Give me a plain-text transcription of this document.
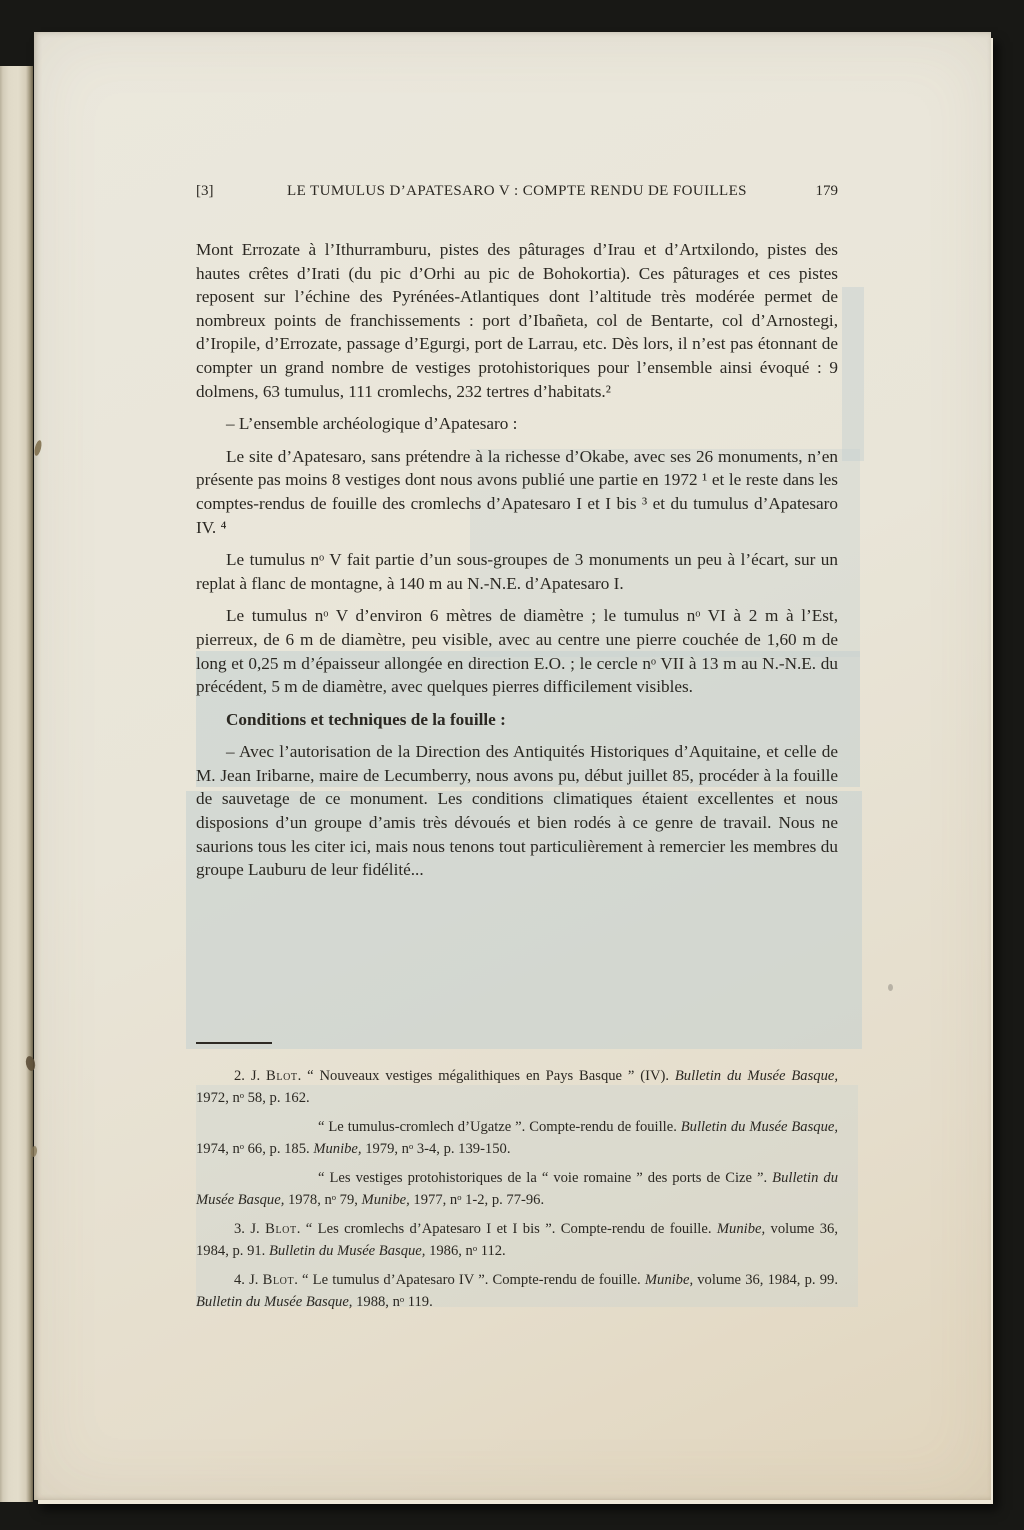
[3]	LE TUMULUS D’APATESARO V : COMPTE RENDU DE FOUILLES	179

Mont Errozate à l’Ithurramburu, pistes des pâturages d’Irau et d’Artxilondo, pistes des hautes crêtes d’Irati (du pic d’Orhi au pic de Bohokortia). Ces pâturages et ces pistes reposent sur l’échine des Pyrénées-Atlantiques dont l’altitude très modérée permet de nombreux points de franchissements : port d’Ibañeta, col de Bentarte, col d’Arnostegi, d’Iropile, d’Errozate, passage d’Egurgi, port de Larrau, etc. Dès lors, il n’est pas étonnant de compter un grand nombre de vestiges protohistoriques pour l’ensemble ainsi évoqué : 9 dolmens, 63 tumulus, 111 cromlechs, 232 tertres d’habitats.²

– L’ensemble archéologique d’Apatesaro :

Le site d’Apatesaro, sans prétendre à la richesse d’Okabe, avec ses 26 monuments, n’en présente pas moins 8 vestiges dont nous avons publié une partie en 1972 ¹ et le reste dans les comptes-rendus de fouille des cromlechs d’Apatesaro I et I bis ³ et du tumulus d’Apatesaro IV. ⁴

Le tumulus nᵒ V fait partie d’un sous-groupes de 3 monuments un peu à l’écart, sur un replat à flanc de montagne, à 140 m au N.-N.E. d’Apatesaro I.

Le tumulus nᵒ V d’environ 6 mètres de diamètre ; le tumulus nᵒ VI à 2 m à l’Est, pierreux, de 6 m de diamètre, peu visible, avec au centre une pierre couchée de 1,60 m de long et 0,25 m d’épaisseur allongée en direction E.O. ; le cercle nᵒ VII à 13 m au N.-N.E. du précédent, 5 m de diamètre, avec quelques pierres difficilement visibles.

Conditions et techniques de la fouille :

– Avec l’autorisation de la Direction des Antiquités Historiques d’Aquitaine, et celle de M. Jean Iribarne, maire de Lecumberry, nous avons pu, début juillet 85, procéder à la fouille de sauvetage de ce monument. Les conditions climatiques étaient excellentes et nous disposions d’un groupe d’amis très dévoués et bien rodés à ce genre de travail. Nous ne saurions tous les citer ici, mais nous tenons tout particulièrement à remercier les membres du groupe Lauburu de leur fidélité...

2. J. Blot. “ Nouveaux vestiges mégalithiques en Pays Basque ” (IV). Bulletin du Musée Basque, 1972, nᵒ 58, p. 162.

“ Le tumulus-cromlech d’Ugatze ”. Compte-rendu de fouille. Bulletin du Musée Basque, 1974, nᵒ 66, p. 185. Munibe, 1979, nᵒ 3-4, p. 139-150.

“ Les vestiges protohistoriques de la “ voie romaine ” des ports de Cize ”. Bulletin du Musée Basque, 1978, nᵒ 79, Munibe, 1977, nᵒ 1-2, p. 77-96.

3. J. Blot. “ Les cromlechs d’Apatesaro I et I bis ”. Compte-rendu de fouille. Munibe, volume 36, 1984, p. 91. Bulletin du Musée Basque, 1986, nᵒ 112.

4. J. Blot. “ Le tumulus d’Apatesaro IV ”. Compte-rendu de fouille. Munibe, volume 36, 1984, p. 99. Bulletin du Musée Basque, 1988, nᵒ 119.
